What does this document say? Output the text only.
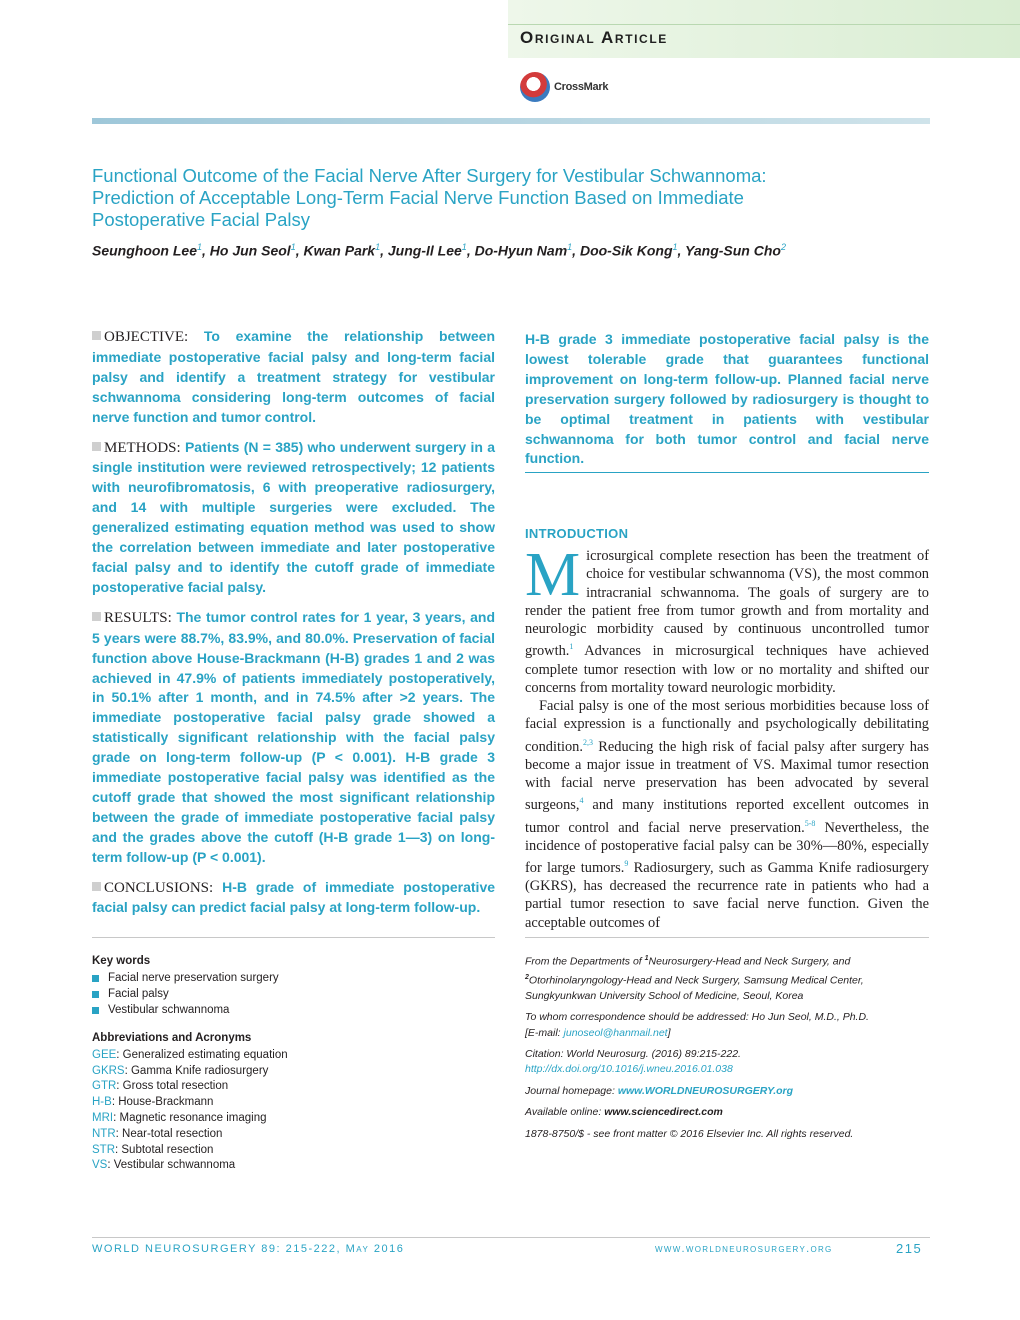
Original Article
CrossMark
Functional Outcome of the Facial Nerve After Surgery for Vestibular Schwannoma:
Prediction of Acceptable Long-Term Facial Nerve Function Based on Immediate
Postoperative Facial Palsy
Seunghoon Lee$^1$, Ho Jun Seol$^1$, Kwan Park$^1$, Jung-Il Lee$^1$, Do-Hyun Nam$^1$, Doo-Sik Kong$^1$, Yang-Sun Cho$^2$

OBJECTIVE: To examine the relationship between immediate postoperative facial palsy and long-term facial palsy and identify a treatment strategy for vestibular schwannoma considering long-term outcomes of facial nerve function and tumor control.

METHODS: Patients (N = 385) who underwent surgery in a single institution were reviewed retrospectively; 12 patients with neurofibromatosis, 6 with preoperative radiosurgery, and 14 with multiple surgeries were excluded. The generalized estimating equation method was used to show the correlation between immediate and later postoperative facial palsy and to identify the cutoff grade of immediate postoperative facial palsy.

RESULTS: The tumor control rates for 1 year, 3 years, and 5 years were 88.7%, 83.9%, and 80.0%. Preservation of facial function above House-Brackmann (H-B) grades 1 and 2 was achieved in 47.9% of patients immediately postoperatively, in 50.1% after 1 month, and in 74.5% after >2 years. The immediate postoperative facial palsy grade showed a statistically significant relationship with the facial palsy grade on long-term follow-up (P < 0.001). H-B grade 3 immediate postoperative facial palsy was identified as the cutoff grade that showed the most significant relationship between the grade of immediate postoperative facial palsy and the grades above the cutoff (H-B grade 1—3) on long-term follow-up (P < 0.001).

CONCLUSIONS: H-B grade of immediate postoperative facial palsy can predict facial palsy at long-term follow-up.

H-B grade 3 immediate postoperative facial palsy is the lowest tolerable grade that guarantees functional improvement on long-term follow-up. Planned facial nerve preservation surgery followed by radiosurgery is thought to be optimal treatment in patients with vestibular schwannoma for both tumor control and facial nerve function.

INTRODUCTION

Microsurgical complete resection has been the treatment of choice for vestibular schwannoma (VS), the most common intracranial schwannoma. The goals of surgery are to render the patient free from tumor growth and from mortality and neurologic morbidity caused by continuous uncontrolled tumor growth.$^1$ Advances in microsurgical techniques have achieved complete tumor resection with low or no mortality and shifted our concerns from mortality toward neurologic morbidity.

Facial palsy is one of the most serious morbidities because loss of facial expression is a functionally and psychologically debilitating condition.$^{2,3}$ Reducing the high risk of facial palsy after surgery has become a major issue in treatment of VS. Maximal tumor resection with facial nerve preservation has been advocated by several surgeons,$^4$ and many institutions reported excellent outcomes in tumor control and facial nerve preservation.$^{5-8}$ Nevertheless, the incidence of postoperative facial palsy can be 30%—80%, especially for large tumors.$^9$ Radiosurgery, such as Gamma Knife radiosurgery (GKRS), has decreased the recurrence rate in patients who had a partial tumor resection to save facial nerve function. Given the acceptable outcomes of

Key words
Facial nerve preservation surgery
Facial palsy
Vestibular schwannoma
Abbreviations and Acronyms
GEE: Generalized estimating equation
GKRS: Gamma Knife radiosurgery
GTR: Gross total resection
H-B: House-Brackmann
MRI: Magnetic resonance imaging
NTR: Near-total resection
STR: Subtotal resection
VS: Vestibular schwannoma

From the Departments of $^1$Neurosurgery-Head and Neck Surgery, and
$^2$Otorhinolaryngology-Head and Neck Surgery, Samsung Medical Center, Sungkyunkwan University School of Medicine, Seoul, Korea

To whom correspondence should be addressed: Ho Jun Seol, M.D., Ph.D.
[E-mail: junoseol@hanmail.net]

Citation: World Neurosurg. (2016) 89:215-222.
http://dx.doi.org/10.1016/j.wneu.2016.01.038

Journal homepage: www.WORLDNEUROSURGERY.org

Available online: www.sciencedirect.com

1878-8750/$ - see front matter © 2016 Elsevier Inc. All rights reserved.

WORLD NEUROSURGERY 89: 215-222, May 2016	www.worldneurosurgery.org	215
